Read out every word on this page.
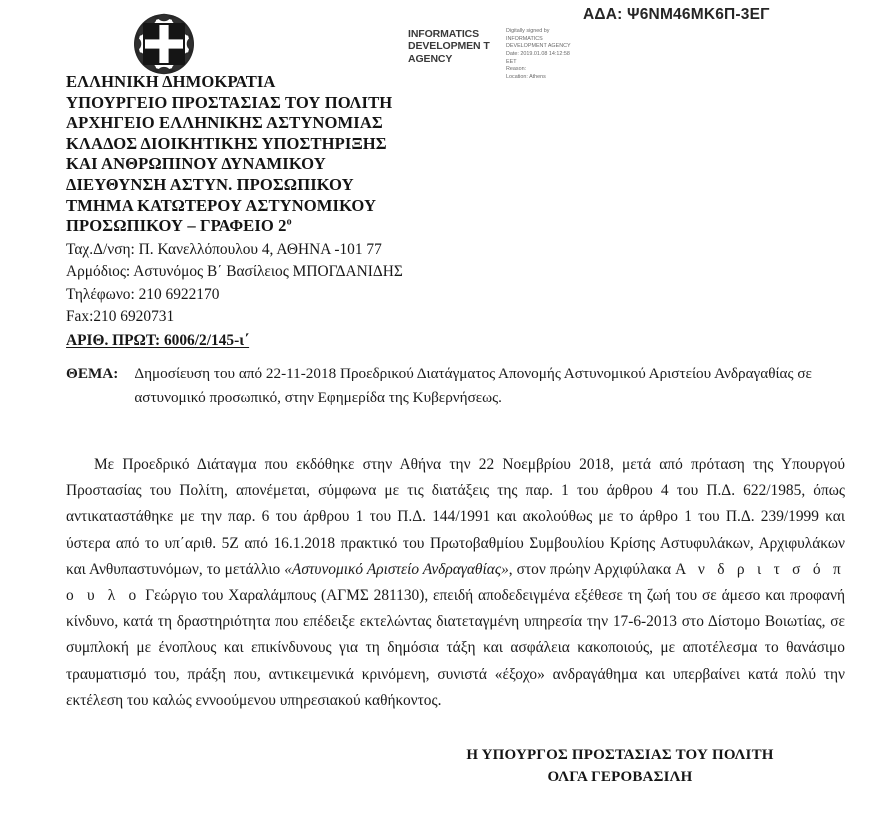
ΑΔΑ: Ψ6ΝΜ46ΜΚ6Π-3ΕΓ
INFORMATICS DEVELOPMEN T AGENCY
Digitally signed by
INFORMATICS
DEVELOPMENT AGENCY
Date: 2019.01.08 14:12:58
EET
Reason:
Location: Athens
ΕΛΛΗΝΙΚΗ ΔΗΜΟΚΡΑΤΙΑ
ΥΠΟΥΡΓΕΙΟ ΠΡΟΣΤΑΣΙΑΣ ΤΟΥ ΠΟΛΙΤΗ
ΑΡΧΗΓΕΙΟ ΕΛΛΗΝΙΚΗΣ ΑΣΤΥΝΟΜΙΑΣ
ΚΛΑΔΟΣ ΔΙΟΙΚΗΤΙΚΗΣ ΥΠΟΣΤΗΡΙΞΗΣ
ΚΑΙ ΑΝΘΡΩΠΙΝΟΥ ΔΥΝΑΜΙΚΟΥ
ΔΙΕΥΘΥΝΣΗ ΑΣΤΥΝ. ΠΡΟΣΩΠΙΚΟΥ
ΤΜΗΜΑ ΚΑΤΩΤΕΡΟΥ ΑΣΤΥΝΟΜΙΚΟΥ
ΠΡΟΣΩΠΙΚΟΥ – ΓΡΑΦΕΙΟ $2^o$
Ταχ.Δ/νση: Π. Κανελλόπουλου 4, ΑΘΗΝΑ -101 77
Αρμόδιος: Αστυνόμος Β΄ Βασίλειος ΜΠΟΓΔΑΝΙΔΗΣ
Τηλέφωνο: 210 6922170
Fax:210 6920731
ΑΡΙΘ. ΠΡΩΤ: 6006/2/145-ι΄
ΘΕΜΑ:	Δημοσίευση του από 22-11-2018 Προεδρικού Διατάγματος Απονομής Αστυνομικού Αριστείου Ανδραγαθίας σε αστυνομικό προσωπικό, στην Εφημερίδα της Κυβερνήσεως.
Με Προεδρικό Διάταγμα που εκδόθηκε στην Αθήνα την 22 Νοεμβρίου 2018, μετά από πρόταση της Υπουργού Προστασίας του Πολίτη, απονέμεται, σύμφωνα με τις διατάξεις της παρ. 1 του άρθρου 4 του Π.Δ. 622/1985, όπως αντικαταστάθηκε με την παρ. 6 του άρθρου 1 του Π.Δ. 144/1991 και ακολούθως με το άρθρο 1 του Π.Δ. 239/1999 και ύστερα από το υπ΄αριθ. 5Ζ από 16.1.2018 πρακτικό του Πρωτοβαθμίου Συμβουλίου Κρίσης Αστυφυλάκων, Αρχιφυλάκων και Ανθυπαστυνόμων, το μετάλλιο «Αστυνομικό Αριστείο Ανδραγαθίας», στον πρώην Αρχιφύλακα Α ν δ ρ ι τ σ ό π ο υ λ ο Γεώργιο του Χαραλάμπους (ΑΓΜΣ 281130), επειδή αποδεδειγμένα εξέθεσε τη ζωή του σε άμεσο και προφανή κίνδυνο, κατά τη δραστηριότητα που επέδειξε εκτελώντας διατεταγμένη υπηρεσία την 17-6-2013 στο Δίστομο Βοιωτίας, σε συμπλοκή με ένοπλους και επικίνδυνους για τη δημόσια τάξη και ασφάλεια κακοποιούς, με αποτέλεσμα το θανάσιμο τραυματισμό του, πράξη που, αντικειμενικά κρινόμενη, συνιστά «έξοχο» ανδραγάθημα και υπερβαίνει κατά πολύ την εκτέλεση του καλώς εννοούμενου υπηρεσιακού καθήκοντος.
Η ΥΠΟΥΡΓΟΣ ΠΡΟΣΤΑΣΙΑΣ ΤΟΥ ΠΟΛΙΤΗ
ΟΛΓΑ ΓΕΡΟΒΑΣΙΛΗ
